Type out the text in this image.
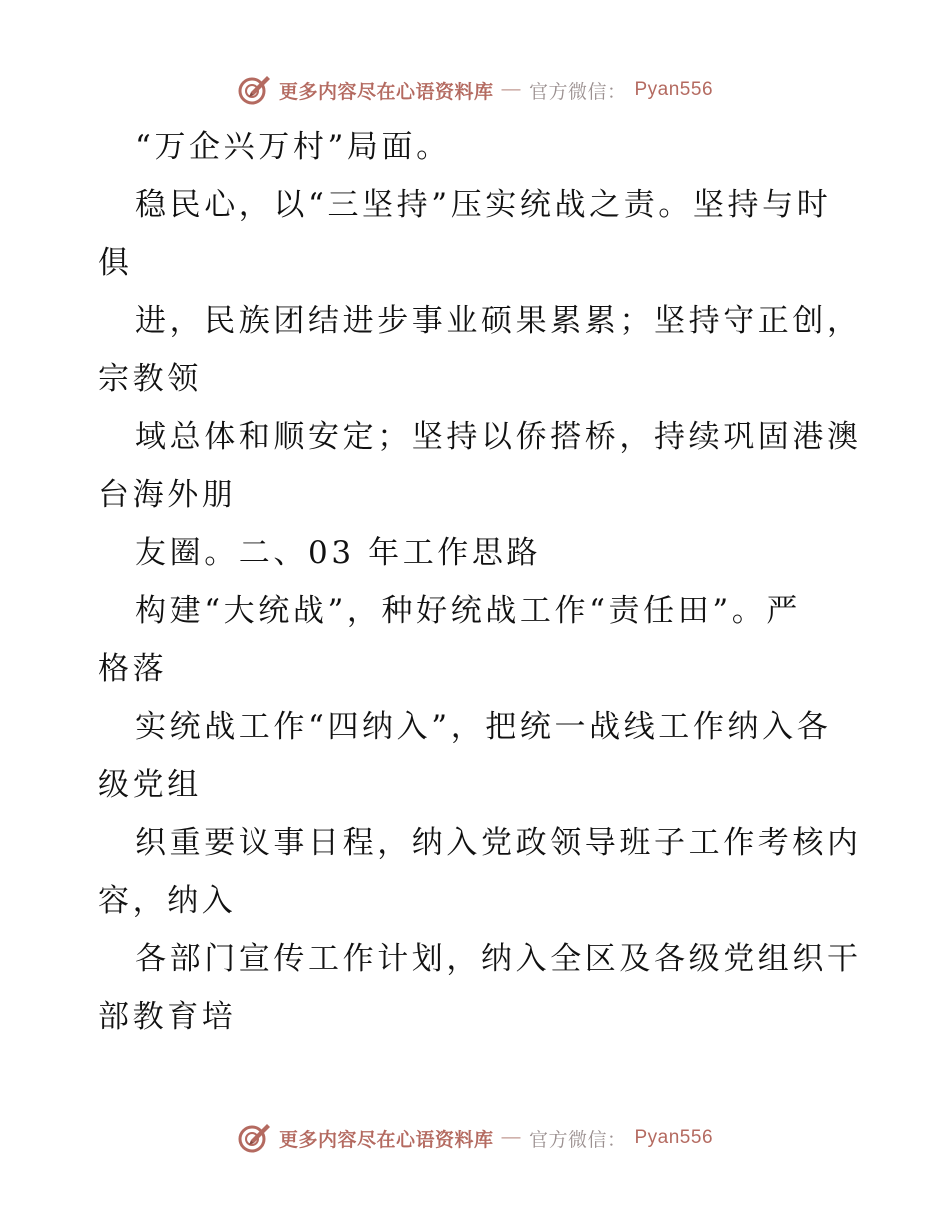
更多内容尽在心语资料库 — 官方微信： Pyan556
“万企兴万村”局面。
稳民心，以“三坚持”压实统战之责。坚持与时
俱
进，民族团结进步事业硕果累累；坚持守正创，
宗教领
域总体和顺安定；坚持以侨搭桥，持续巩固港澳
台海外朋
友圈。二、03 年工作思路
构建“大统战”，种好统战工作“责任田”。严
格落
实统战工作“四纳入”，把统一战线工作纳入各
级党组
织重要议事日程，纳入党政领导班子工作考核内
容，纳入
各部门宣传工作计划，纳入全区及各级党组织干
部教育培
更多内容尽在心语资料库 — 官方微信： Pyan556
